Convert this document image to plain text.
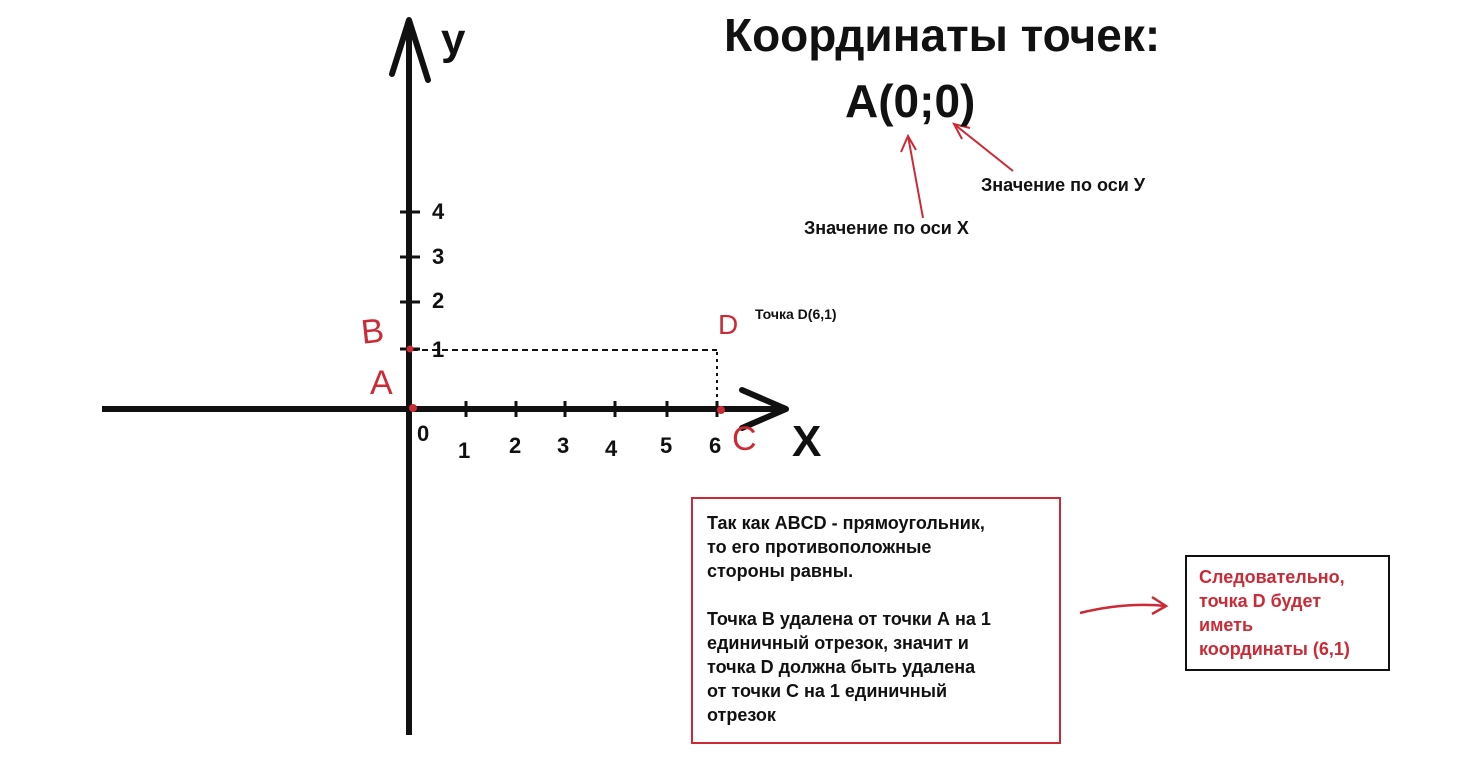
1 2 3 4 5 6
0
1
2
3
4
X
y
B
A
C
D Точка D(6,1)
Координаты точек:
A(0;0)
Значение по оси У
Значение по оси X

Так как ABCD - прямоугольник,
то его противоположные
стороны равны.

Точка B удалена от точки А на 1
единичный отрезок, значит и
точка D должна быть удалена
от точки С на 1 единичный
отрезок

Следовательно,
точка D будет
иметь
координаты (6,1)
